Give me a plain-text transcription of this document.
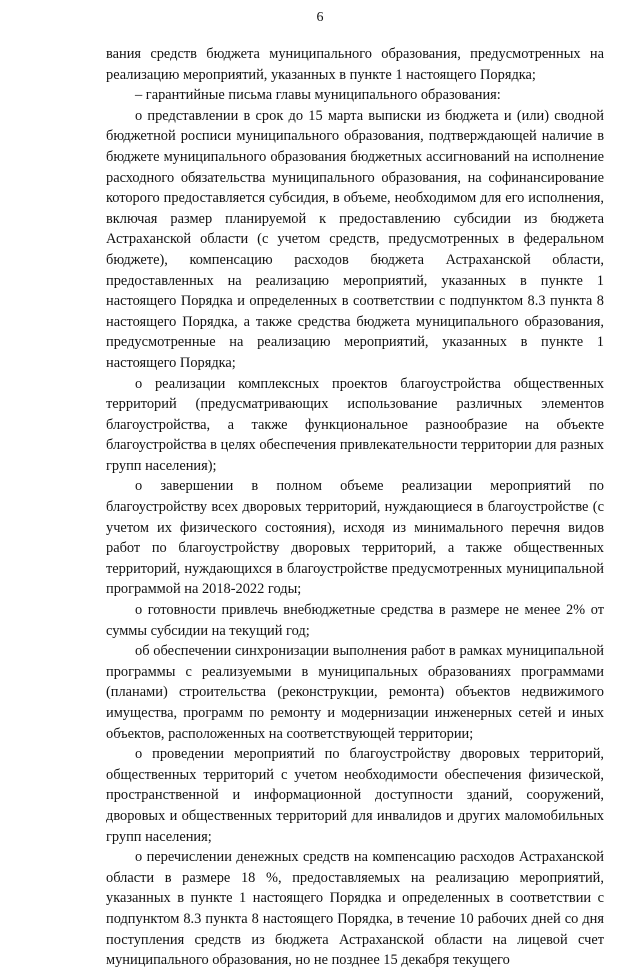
6

вания средств бюджета муниципального образования, предусмотренных на реализацию мероприятий, указанных в пункте 1 настоящего Порядка;

– гарантийные письма главы муниципального образования:

о представлении в срок до 15 марта выписки из бюджета и (или) сводной бюджетной росписи муниципального образования, подтверждающей наличие в бюджете муниципального образования бюджетных ассигнований на исполнение расходного обязательства муниципального образования, на софинансирование которого предоставляется субсидия, в объеме, необходимом для его исполнения, включая размер планируемой к предоставлению субсидии из бюджета Астраханской области (с учетом средств, предусмотренных в федеральном бюджете), компенсацию расходов бюджета Астраханской области, предоставленных на реализацию мероприятий, указанных в пункте 1 настоящего Порядка и определенных в соответствии с подпунктом 8.3 пункта 8 настоящего Порядка, а также средства бюджета муниципального образования, предусмотренные на реализацию мероприятий, указанных в пункте 1 настоящего Порядка;

о реализации комплексных проектов благоустройства общественных территорий (предусматривающих использование различных элементов благоустройства, а также функциональное разнообразие на объекте благоустройства в целях обеспечения привлекательности территории для разных групп населения);

о завершении в полном объеме реализации мероприятий по благоустройству всех дворовых территорий, нуждающиеся в благоустройстве (с учетом их физического состояния), исходя из минимального перечня видов работ по благоустройству дворовых территорий, а также общественных территорий, нуждающихся в благоустройстве предусмотренных муниципальной программой на 2018-2022 годы;

о готовности привлечь внебюджетные средства в размере не менее 2% от суммы субсидии на текущий год;

об обеспечении синхронизации выполнения работ в рамках муниципальной программы с реализуемыми в муниципальных образованиях программами (планами) строительства (реконструкции, ремонта) объектов недвижимого имущества, программ по ремонту и модернизации инженерных сетей и иных объектов, расположенных на соответствующей территории;

о проведении мероприятий по благоустройству дворовых территорий, общественных территорий с учетом необходимости обеспечения физической, пространственной и информационной доступности зданий, сооружений, дворовых и общественных территорий для инвалидов и других маломобильных групп населения;

о перечислении денежных средств на компенсацию расходов Астраханской области в размере 18 %, предоставляемых на реализацию мероприятий, указанных в пункте 1 настоящего Порядка и определенных в соответствии с подпунктом 8.3 пункта 8 настоящего Порядка, в течение 10 рабочих дней со дня поступления средств из бюджета Астраханской области на лицевой счет муниципального образования, но не позднее 15 декабря текущего
